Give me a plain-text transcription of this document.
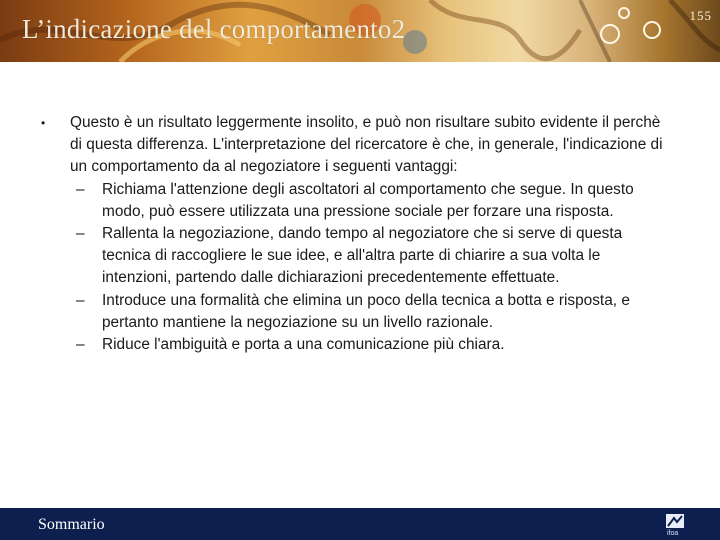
L’indicazione del comportamento2	155
• Questo è un risultato leggermente insolito, e può non risultare subito evidente il perchè di questa differenza. L'interpretazione del ricercatore è che, in generale, l'indicazione di un comportamento da al negoziatore i seguenti vantaggi:
– Richiama l'attenzione degli ascoltatori al comportamento che segue. In questo modo, può essere utilizzata una pressione sociale per forzare una risposta.
– Rallenta la negoziazione, dando tempo al negoziatore che si serve di questa tecnica di raccogliere le sue idee, e all'altra parte di chiarire a sua volta le intenzioni, partendo dalle dichiarazioni precedentemente effettuate.
– Introduce una formalità che elimina un poco della tecnica a botta e risposta, e pertanto mantiene la negoziazione su un livello razionale.
– Riduce l'ambiguità e porta a una comunicazione più chiara.
Sommario
ifoa
